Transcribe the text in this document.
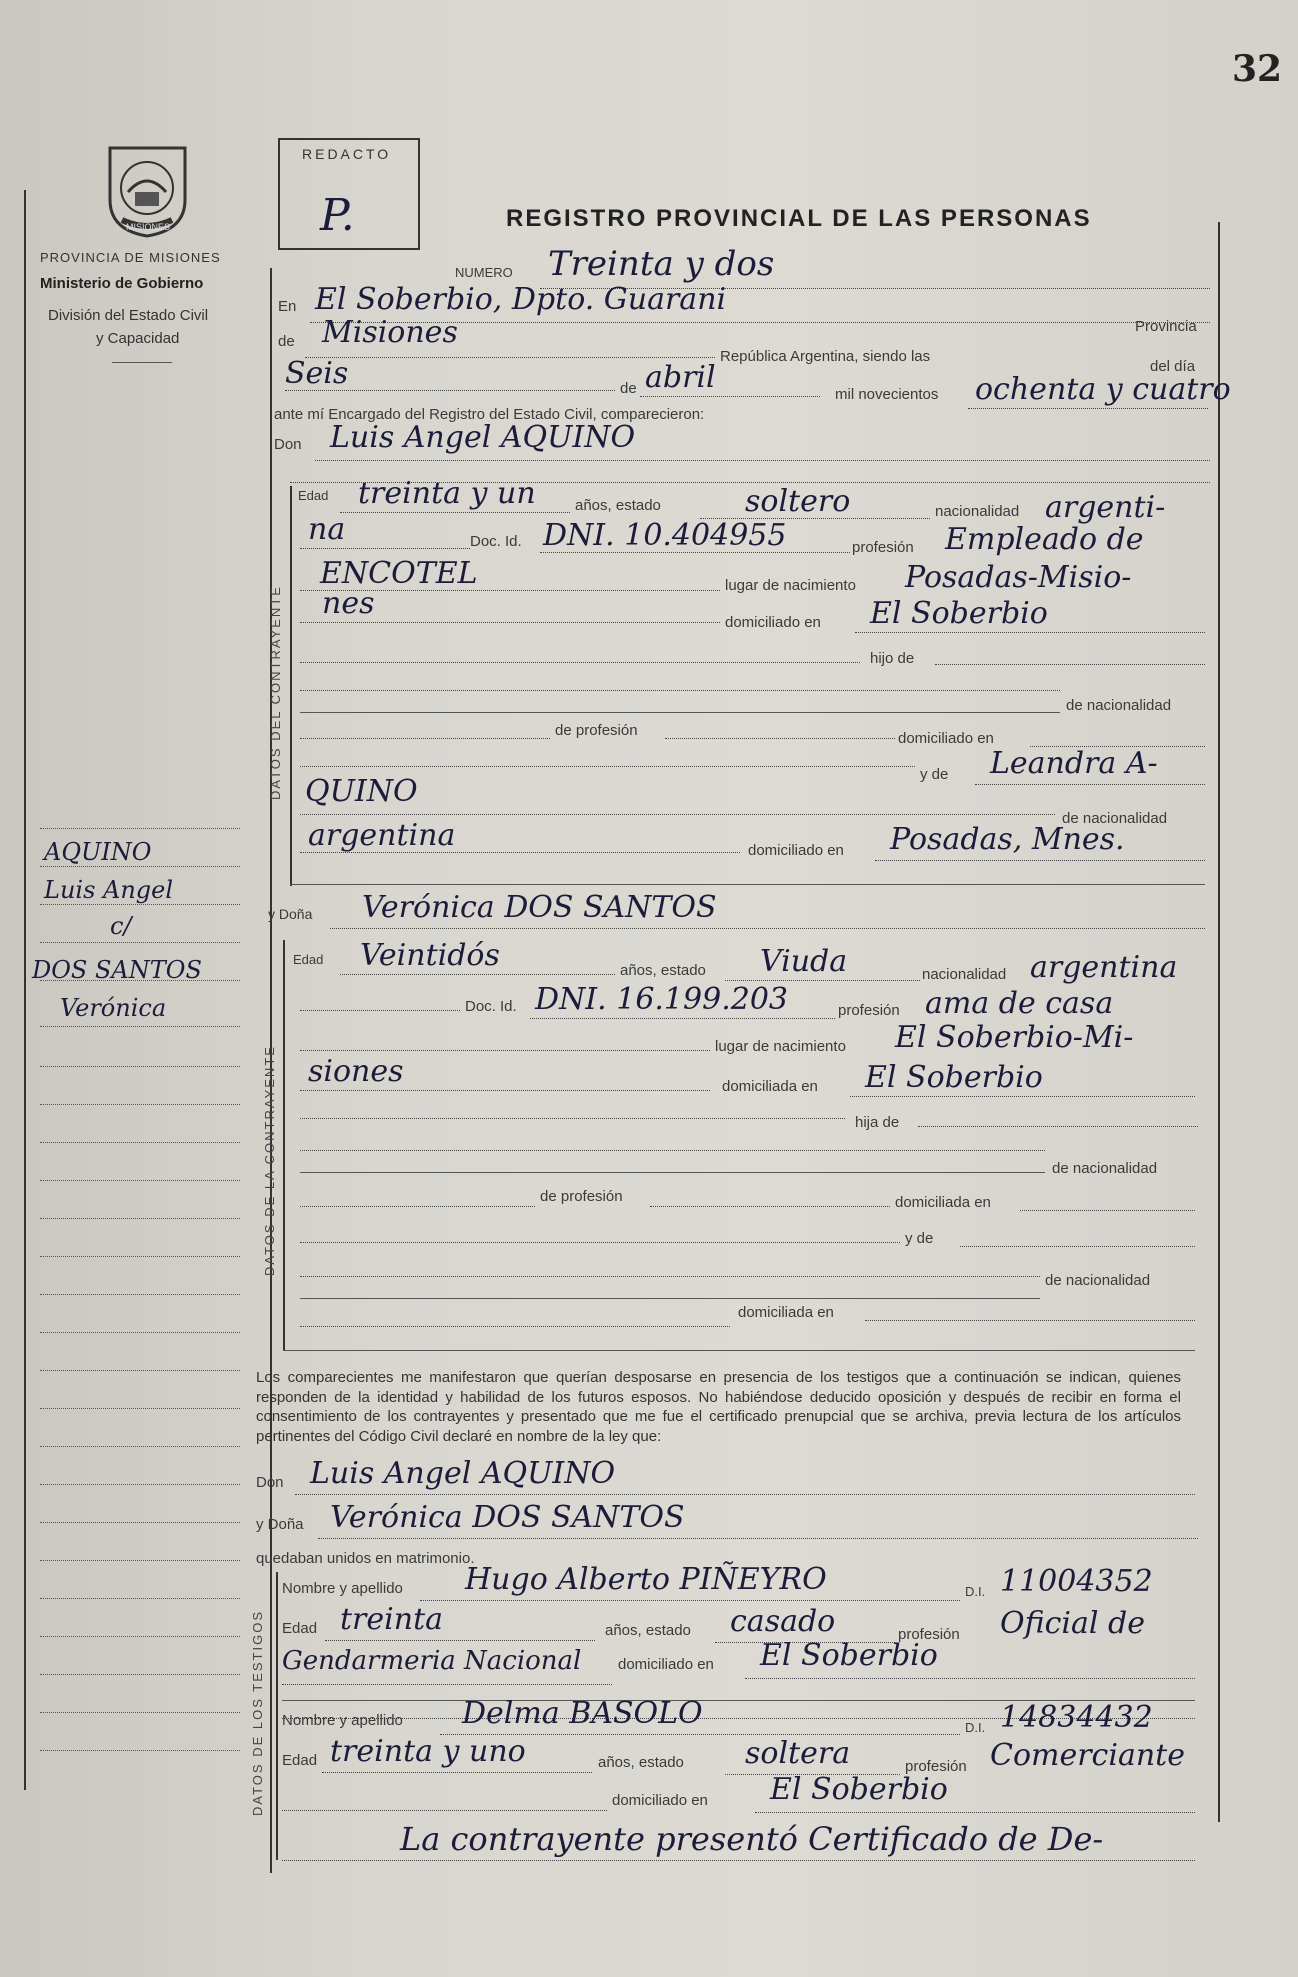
32
MISIONES
PROVINCIA DE MISIONES
Ministerio de Gobierno
División del Estado Civil
y Capacidad
REDACTO
P.	REGISTRO PROVINCIAL DE LAS PERSONAS
NUMERO Treinta y dos
En El Soberbio, Dpto. Guarani
de
Provincia
Misiones
República Argentina, siendo las
Seis	del día
de abril	mil novecientos ochenta y cuatro
ante mí Encargado del Registro del Estado Civil, comparecieron:
Don Luis Angel AQUINO
DATOS DEL CONTRAYENTE
Edad treinta y un	años, estado	soltero	nacionalidad argenti-
na	Doc. Id. DNI. 10.404955	profesión Empleado de
ENCOTEL	lugar de nacimiento Posadas-Misio-
nes
domiciliado en El Soberbio
hijo de
de nacionalidad
de profesión	domiciliado en
y de Leandra A-
QUINO
de nacionalidad
argentina	domiciliado en Posadas, Mnes.
y Doña Verónica DOS SANTOS
DATOS DE LA CONTRAYENTE
Edad Veintidós	años, estado Viuda	nacionalidad argentina
Doc. Id. DNI. 16.199.203	profesión ama de casa
lugar de nacimiento El Soberbio-Mi-
siones	domiciliada en El Soberbio
hija de
de nacionalidad
de profesión	domiciliada en
y de
de nacionalidad
domiciliada en
AQUINO
Luis Angel
c/
DOS SANTOS
Verónica
Los comparecientes me manifestaron que querían desposarse en presencia de los testigos que a continuación se indican, quienes responden de la identidad y habilidad de los futuros esposos. No habiéndose deducido oposición y después de recibir en forma el consentimiento de los contrayentes y presentado que me fue el certificado prenupcial que se archiva, previa lectura de los artículos pertinentes del Código Civil declaré en nombre de la ley que:
Don Luis Angel AQUINO
y Doña Verónica DOS SANTOS
quedaban unidos en matrimonio.
DATOS DE LOS TESTIGOS
Nombre y apellido Hugo Alberto PIÑEYRO	D.I. 11004352
Edad treinta	años, estado casado	profesión Oficial de
Gendarmeria Nacional domiciliado en El Soberbio
Nombre y apellido Delma BASOLO	D.I. 14834432
Edad treinta y uno	años, estado soltera	profesión Comerciante
domiciliado en El Soberbio
La contrayente presentó Certificado de De-
